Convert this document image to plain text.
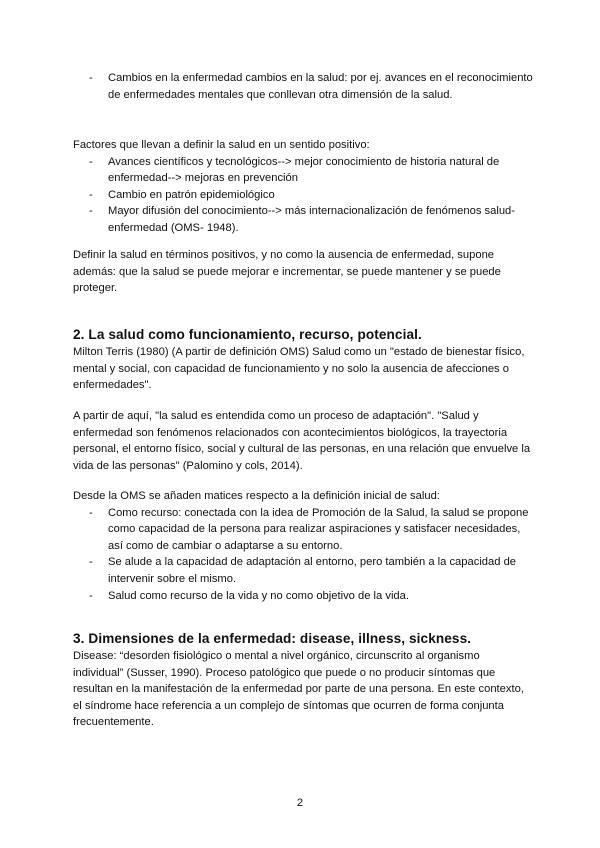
- Cambios en la enfermedad cambios en la salud: por ej. avances en el reconocimiento de enfermedades mentales que conllevan otra dimensión de la salud.

Factores que llevan a definir la salud en un sentido positivo:

- Avances científicos y tecnológicos--> mejor conocimiento de historia natural de enfermedad--> mejoras en prevención
- Cambio en patrón epidemiológico
- Mayor difusión del conocimiento--> más internacionalización de fenómenos salud-enfermedad (OMS- 1948).

Definir la salud en términos positivos, y no como la ausencia de enfermedad, supone además: que la salud se puede mejorar e incrementar, se puede mantener y se puede proteger.

2. La salud como funcionamiento, recurso, potencial.

Milton Terris (1980) (A partir de definición OMS) Salud como un "estado de bienestar físico, mental y social, con capacidad de funcionamiento y no solo la ausencia de afecciones o enfermedades".

A partir de aquí, "la salud es entendida como un proceso de adaptación". "Salud y enfermedad son fenómenos relacionados con acontecimientos biológicos, la trayectoria personal, el entorno físico, social y cultural de las personas, en una relación que envuelve la vida de las personas" (Palomino y cols, 2014).

Desde la OMS se añaden matices respecto a la definición inicial de salud:

- Como recurso: conectada con la idea de Promoción de la Salud, la salud se propone como capacidad de la persona para realizar aspiraciones y satisfacer necesidades, así como de cambiar o adaptarse a su entorno.
- Se alude a la capacidad de adaptación al entorno, pero también a la capacidad de intervenir sobre el mismo.
- Salud como recurso de la vida y no como objetivo de la vida.
3. Dimensiones de la enfermedad: disease, illness, sickness.

Disease: “desorden fisiológico o mental a nivel orgánico, circunscrito al organismo individual” (Susser, 1990). Proceso patológico que puede o no producir síntomas que resultan en la manifestación de la enfermedad por parte de una persona. En este contexto, el síndrome hace referencia a un complejo de síntomas que ocurren de forma conjunta frecuentemente.

2
